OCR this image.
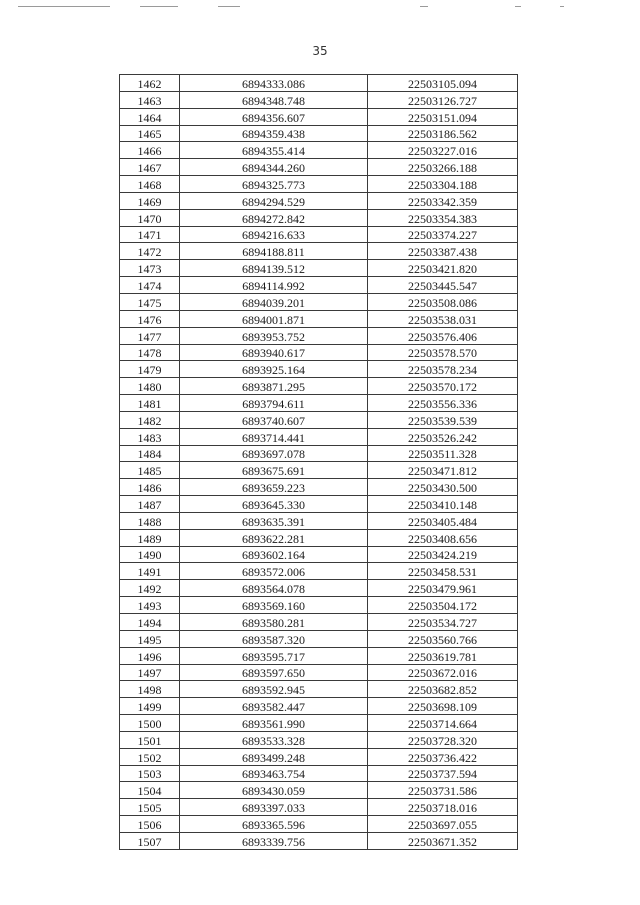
35
1462	6894333.086	22503105.094
1463	6894348.748	22503126.727
1464	6894356.607	22503151.094
1465	6894359.438	22503186.562
1466	6894355.414	22503227.016
1467	6894344.260	22503266.188
1468	6894325.773	22503304.188
1469	6894294.529	22503342.359
1470	6894272.842	22503354.383
1471	6894216.633	22503374.227
1472	6894188.811	22503387.438
1473	6894139.512	22503421.820
1474	6894114.992	22503445.547
1475	6894039.201	22503508.086
1476	6894001.871	22503538.031
1477	6893953.752	22503576.406
1478	6893940.617	22503578.570
1479	6893925.164	22503578.234
1480	6893871.295	22503570.172
1481	6893794.611	22503556.336
1482	6893740.607	22503539.539
1483	6893714.441	22503526.242
1484	6893697.078	22503511.328
1485	6893675.691	22503471.812
1486	6893659.223	22503430.500
1487	6893645.330	22503410.148
1488	6893635.391	22503405.484
1489	6893622.281	22503408.656
1490	6893602.164	22503424.219
1491	6893572.006	22503458.531
1492	6893564.078	22503479.961
1493	6893569.160	22503504.172
1494	6893580.281	22503534.727
1495	6893587.320	22503560.766
1496	6893595.717	22503619.781
1497	6893597.650	22503672.016
1498	6893592.945	22503682.852
1499	6893582.447	22503698.109
1500	6893561.990	22503714.664
1501	6893533.328	22503728.320
1502	6893499.248	22503736.422
1503	6893463.754	22503737.594
1504	6893430.059	22503731.586
1505	6893397.033	22503718.016
1506	6893365.596	22503697.055
1507	6893339.756	22503671.352
